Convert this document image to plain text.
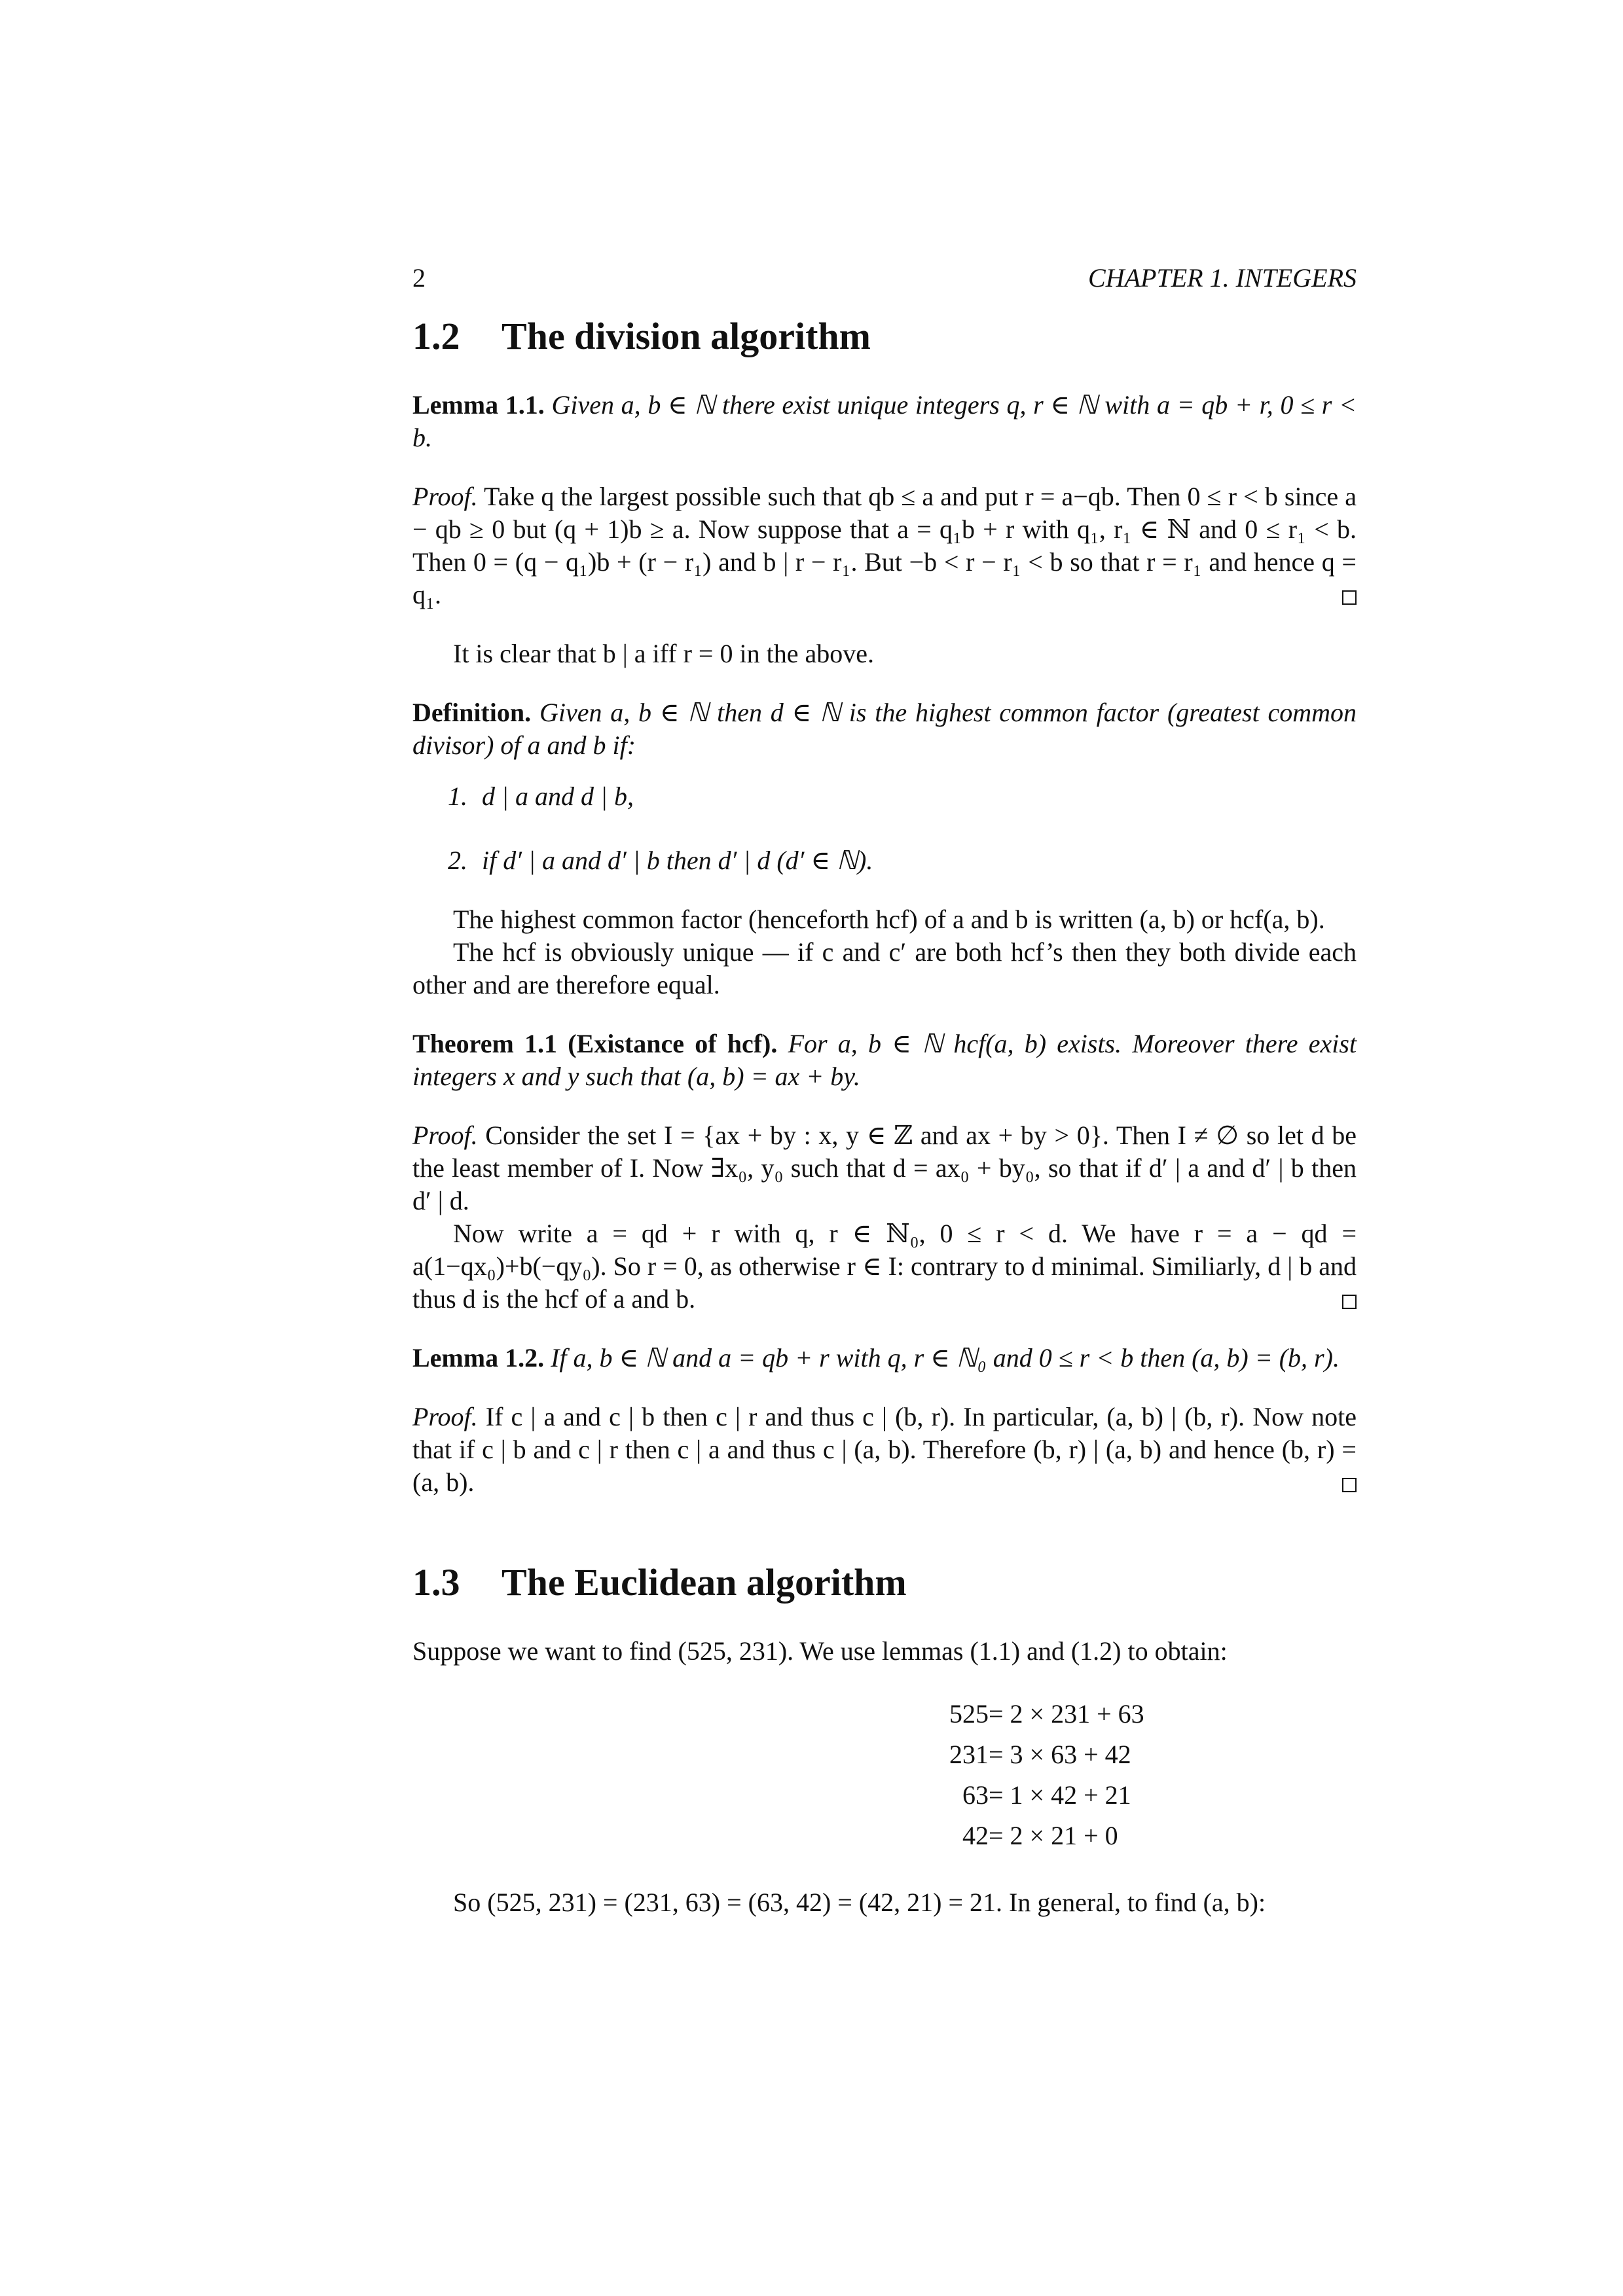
2	CHAPTER 1. INTEGERS
1.2 The division algorithm

Lemma 1.1. Given a, b ∈ ℕ there exist unique integers q, r ∈ ℕ with a = qb + r, 0 ≤ r < b.

Proof. Take q the largest possible such that qb ≤ a and put r = a−qb. Then 0 ≤ r < b since a − qb ≥ 0 but (q + 1)b ≥ a. Now suppose that a = q₁b + r with q₁, r₁ ∈ ℕ and 0 ≤ r₁ < b. Then 0 = (q − q₁)b + (r − r₁) and b | r − r₁. But −b < r − r₁ < b so that r = r₁ and hence q = q₁.

It is clear that b | a iff r = 0 in the above.

Definition. Given a, b ∈ ℕ then d ∈ ℕ is the highest common factor (greatest common divisor) of a and b if:

1. d | a and d | b,
2. if d′ | a and d′ | b then d′ | d (d′ ∈ ℕ).

The highest common factor (henceforth hcf) of a and b is written (a, b) or hcf(a, b).

The hcf is obviously unique — if c and c′ are both hcf’s then they both divide each other and are therefore equal.

Theorem 1.1 (Existance of hcf). For a, b ∈ ℕ hcf(a, b) exists. Moreover there exist integers x and y such that (a, b) = ax + by.

Proof. Consider the set I = {ax + by : x, y ∈ ℤ and ax + by > 0}. Then I ≠ ∅ so let d be the least member of I. Now ∃x₀, y₀ such that d = ax₀ + by₀, so that if d′ | a and d′ | b then d′ | d.

Now write a = qd + r with q, r ∈ ℕ₀, 0 ≤ r < d. We have r = a − qd = a(1−qx₀)+b(−qy₀). So r = 0, as otherwise r ∈ I: contrary to d minimal. Similiarly, d | b and thus d is the hcf of a and b.

Lemma 1.2. If a, b ∈ ℕ and a = qb + r with q, r ∈ ℕ₀ and 0 ≤ r < b then (a, b) = (b, r).

Proof. If c | a and c | b then c | r and thus c | (b, r). In particular, (a, b) | (b, r). Now note that if c | b and c | r then c | a and thus c | (a, b). Therefore (b, r) | (a, b) and hence (b, r) = (a, b).

1.3 The Euclidean algorithm

Suppose we want to find (525, 231). We use lemmas (1.1) and (1.2) to obtain:

525 = 2 × 231 + 63
231 = 3 × 63 + 42
63 = 1 × 42 + 21
42 = 2 × 21 + 0

So (525, 231) = (231, 63) = (63, 42) = (42, 21) = 21. In general, to find (a, b):
